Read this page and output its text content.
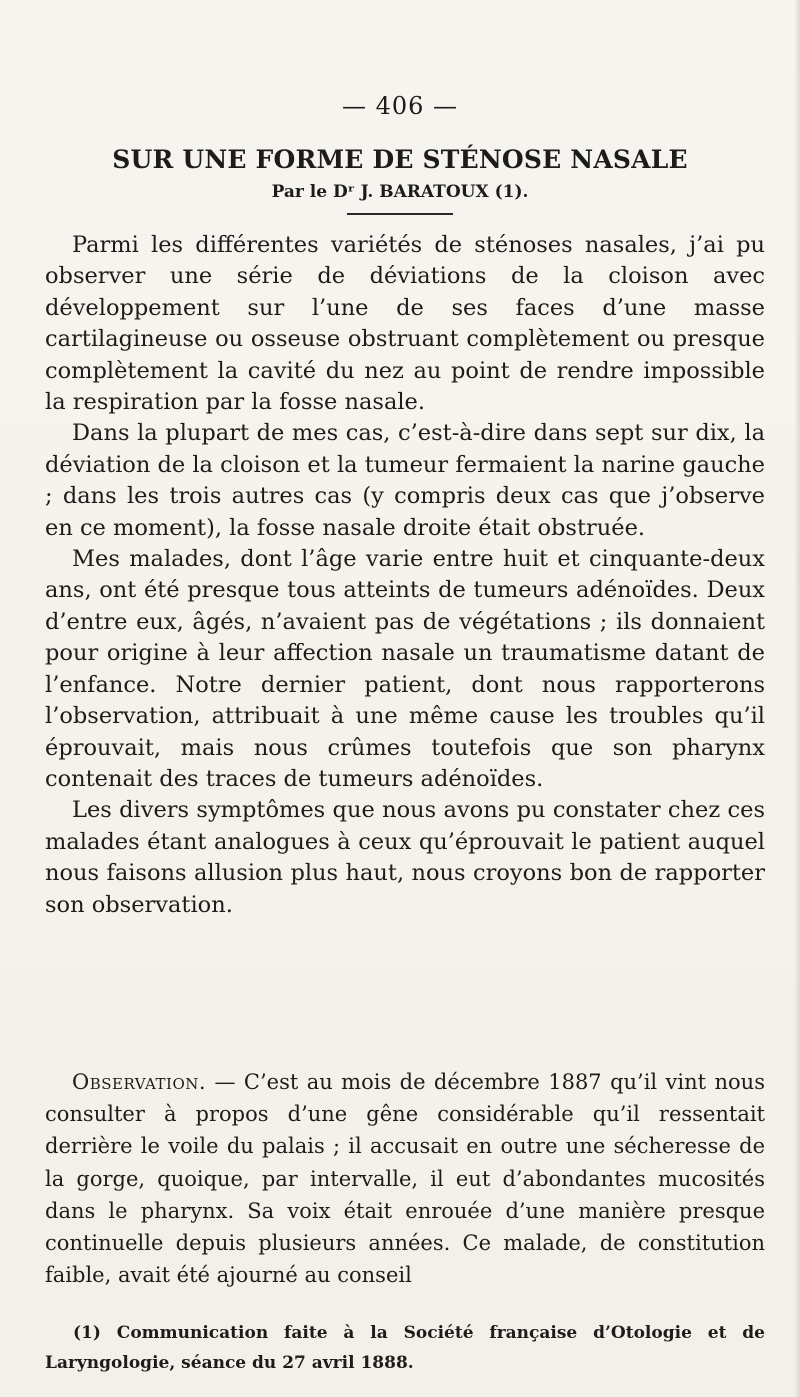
— 406 —
SUR UNE FORME DE STÉNOSE NASALE
Par le Dʳ J. BARATOUX (1).

Parmi les différentes variétés de sténoses nasales, j’ai pu observer une série de déviations de la cloison avec développement sur l’une de ses faces d’une masse cartilagineuse ou osseuse obstruant complètement ou presque complètement la cavité du nez au point de rendre impossible la respiration par la fosse nasale.

Dans la plupart de mes cas, c’est-à-dire dans sept sur dix, la déviation de la cloison et la tumeur fermaient la narine gauche ; dans les trois autres cas (y compris deux cas que j’observe en ce moment), la fosse nasale droite était obstruée.

Mes malades, dont l’âge varie entre huit et cinquante-deux ans, ont été presque tous atteints de tumeurs adénoïdes. Deux d’entre eux, âgés, n’avaient pas de végétations ; ils donnaient pour origine à leur affection nasale un traumatisme datant de l’enfance. Notre dernier patient, dont nous rapporterons l’observation, attribuait à une même cause les troubles qu’il éprouvait, mais nous crûmes toutefois que son pharynx contenait des traces de tumeurs adénoïdes.

Les divers symptômes que nous avons pu constater chez ces malades étant analogues à ceux qu’éprouvait le patient auquel nous faisons allusion plus haut, nous croyons bon de rapporter son observation.

Observation. — C’est au mois de décembre 1887 qu’il vint nous consulter à propos d’une gêne considérable qu’il ressentait derrière le voile du palais ; il accusait en outre une sécheresse de la gorge, quoique, par intervalle, il eut d’abondantes mucosités dans le pharynx. Sa voix était enrouée d’une manière presque continuelle depuis plusieurs années. Ce malade, de constitution faible, avait été ajourné au conseil

(1) Communication faite à la Société française d’Otologie et de Laryngologie, séance du 27 avril 1888.
